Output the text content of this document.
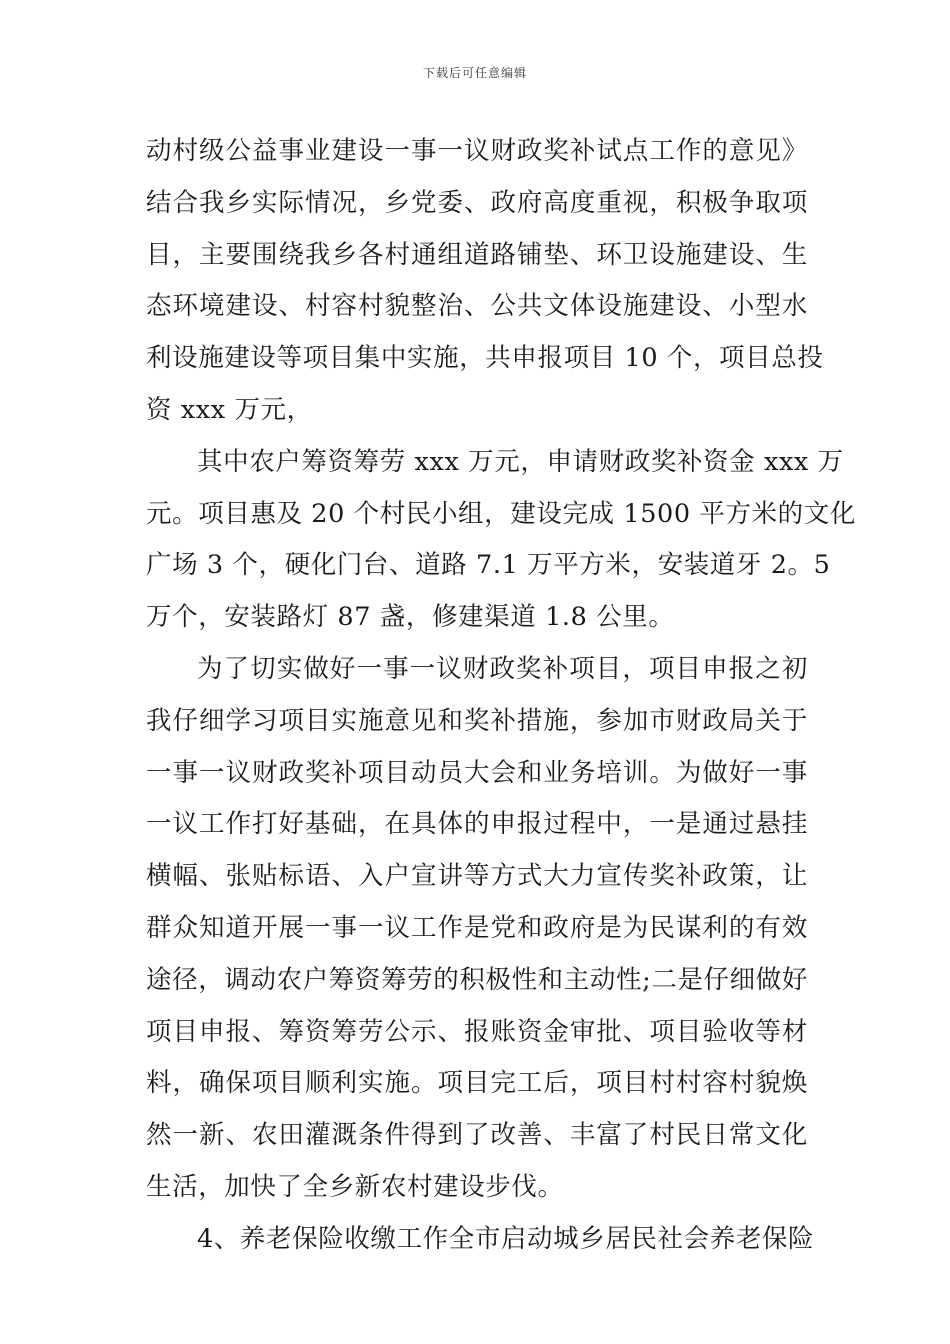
下载后可任意编辑
动村级公益事业建设一事一议财政奖补试点工作的意见》
结合我乡实际情况，乡党委、政府高度重视，积极争取项
目，主要围绕我乡各村通组道路铺垫、环卫设施建设、生
态环境建设、村容村貌整治、公共文体设施建设、小型水
利设施建设等项目集中实施，共申报项目 10 个，项目总投
资 xxx 万元，
其中农户筹资筹劳 xxx 万元，申请财政奖补资金 xxx 万
元。项目惠及 20 个村民小组，建设完成 1500 平方米的文化
广场 3 个，硬化门台、道路 7.1 万平方米，安装道牙 2。5
万个，安装路灯 87 盏，修建渠道 1.8 公里。
为了切实做好一事一议财政奖补项目，项目申报之初
我仔细学习项目实施意见和奖补措施，参加市财政局关于
一事一议财政奖补项目动员大会和业务培训。为做好一事
一议工作打好基础，在具体的申报过程中，一是通过悬挂
横幅、张贴标语、入户宣讲等方式大力宣传奖补政策，让
群众知道开展一事一议工作是党和政府是为民谋利的有效
途径，调动农户筹资筹劳的积极性和主动性;二是仔细做好
项目申报、筹资筹劳公示、报账资金审批、项目验收等材
料，确保项目顺利实施。项目完工后，项目村村容村貌焕
然一新、农田灌溉条件得到了改善、丰富了村民日常文化
生活，加快了全乡新农村建设步伐。
4、养老保险收缴工作全市启动城乡居民社会养老保险
